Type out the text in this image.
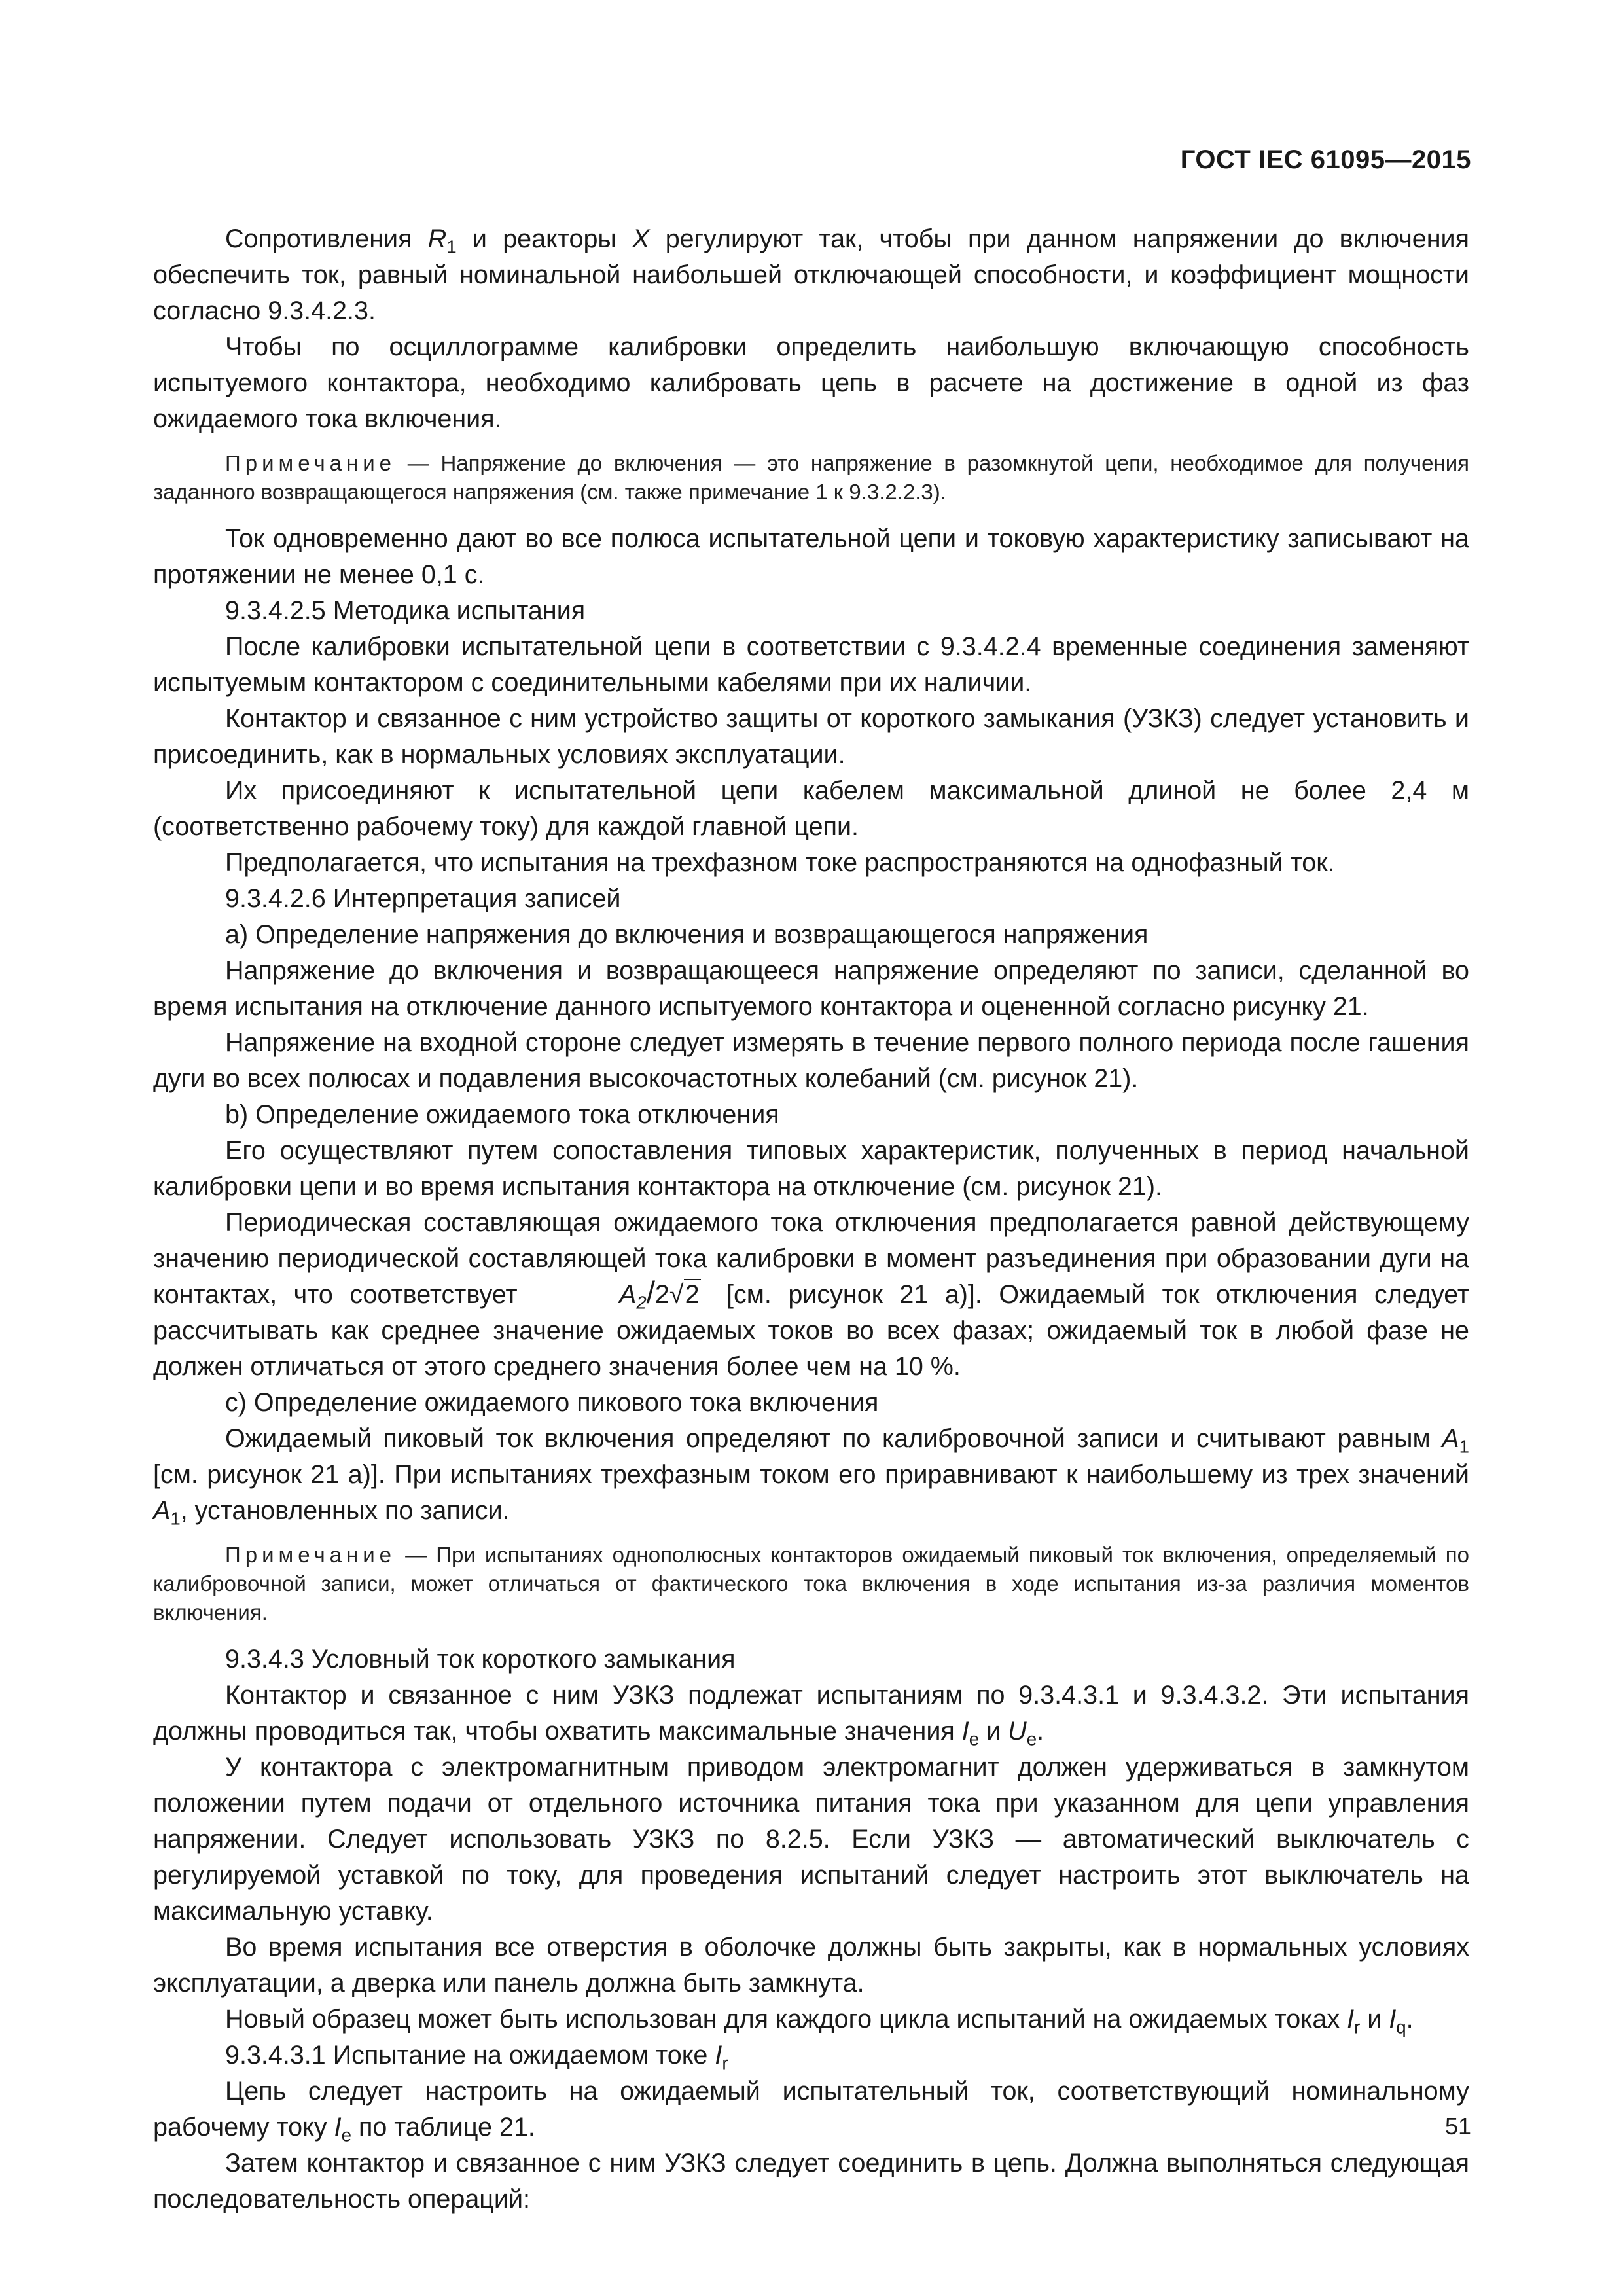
ГОСТ IEC 61095—2015

Сопротивления $R_1$ и реакторы X регулируют так, чтобы при данном напряжении до включения обеспечить ток, равный номинальной наибольшей отключающей способности, и коэффициент мощности согласно 9.3.4.2.3.

Чтобы по осциллограмме калибровки определить наибольшую включающую способность испытуемого контактора, необходимо калибровать цепь в расчете на достижение в одной из фаз ожидаемого тока включения.

Примечание — Напряжение до включения — это напряжение в разомкнутой цепи, необходимое для получения заданного возвращающегося напряжения (см. также примечание 1 к 9.3.2.2.3).

Ток одновременно дают во все полюса испытательной цепи и токовую характеристику записывают на протяжении не менее 0,1 с.

9.3.4.2.5 Методика испытания

После калибровки испытательной цепи в соответствии с 9.3.4.2.4 временные соединения заменяют испытуемым контактором с соединительными кабелями при их наличии.

Контактор и связанное с ним устройство защиты от короткого замыкания (УЗКЗ) следует установить и присоединить, как в нормальных условиях эксплуатации.

Их присоединяют к испытательной цепи кабелем максимальной длиной не более 2,4 м (соответственно рабочему току) для каждой главной цепи.

Предполагается, что испытания на трехфазном токе распространяются на однофазный ток.

9.3.4.2.6 Интерпретация записей

а) Определение напряжения до включения и возвращающегося напряжения

Напряжение до включения и возвращающееся напряжение определяют по записи, сделанной во время испытания на отключение данного испытуемого контактора и оцененной согласно рисунку 21.

Напряжение на входной стороне следует измерять в течение первого полного периода после гашения дуги во всех полюсах и подавления высокочастотных колебаний (см. рисунок 21).

b) Определение ожидаемого тока отключения

Его осуществляют путем сопоставления типовых характеристик, полученных в период начальной калибровки цепи и во время испытания контактора на отключение (см. рисунок 21).

Периодическая составляющая ожидаемого тока отключения предполагается равной действующему значению периодической составляющей тока калибровки в момент разъединения при образовании дуги на контактах, что соответствует	$A_2/2√2$ [см. рисунок 21 а)]. Ожидаемый ток отключения следует рассчитывать как среднее значение ожидаемых токов во всех фазах; ожидаемый ток в любой фазе не должен отличаться от этого среднего значения более чем на 10 %.

c) Определение ожидаемого пикового тока включения

Ожидаемый пиковый ток включения определяют по калибровочной записи и считывают равным $A_1$ [см. рисунок 21 а)]. При испытаниях трехфазным током его приравнивают к наибольшему из трех значений $A_1$, установленных по записи.

Примечание — При испытаниях однополюсных контакторов ожидаемый пиковый ток включения, определяемый по калибровочной записи, может отличаться от фактического тока включения в ходе испытания из-за различия моментов включения.

9.3.4.3 Условный ток короткого замыкания

Контактор и связанное с ним УЗКЗ подлежат испытаниям по 9.3.4.3.1 и 9.3.4.3.2. Эти испытания должны проводиться так, чтобы охватить максимальные значения $I_e$ и $U_e$.

У контактора с электромагнитным приводом электромагнит должен удерживаться в замкнутом положении путем подачи от отдельного источника питания тока при указанном для цепи управления напряжении. Следует использовать УЗКЗ по 8.2.5. Если УЗКЗ — автоматический выключатель с регулируемой уставкой по току, для проведения испытаний следует настроить этот выключатель на максимальную уставку.

Во время испытания все отверстия в оболочке должны быть закрыты, как в нормальных условиях эксплуатации, а дверка или панель должна быть замкнута.

Новый образец может быть использован для каждого цикла испытаний на ожидаемых токах $I_r$ и $I_q$.

9.3.4.3.1 Испытание на ожидаемом токе $I_r$

Цепь следует настроить на ожидаемый испытательный ток, соответствующий номинальному рабочему току $I_e$ по таблице 21.

Затем контактор и связанное с ним УЗКЗ следует соединить в цепь. Должна выполняться следующая последовательность операций:

51
